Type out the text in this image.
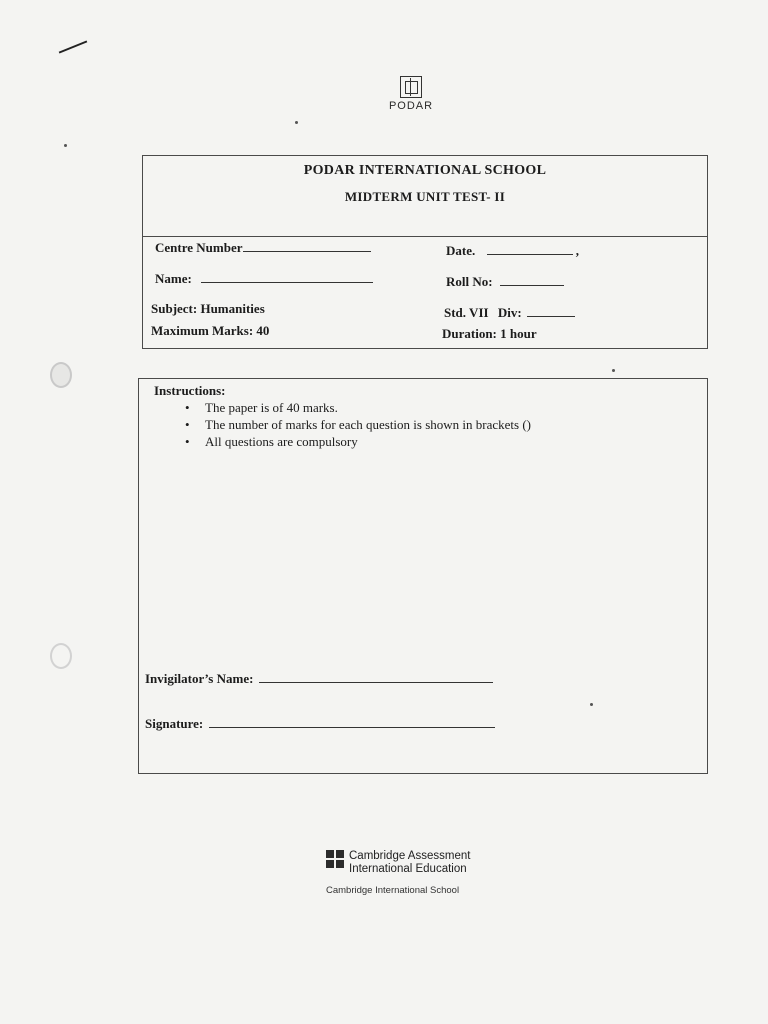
PODAR
PODAR INTERNATIONAL SCHOOL
MIDTERM UNIT TEST- II
Centre Number	Date.	,
Name:	Roll No:
Subject: Humanities	Std. VII Div:
Maximum Marks: 40	Duration: 1 hour
Instructions:
• The paper is of 40 marks.
• The number of marks for each question is shown in brackets ()
• All questions are compulsory
Invigilator’s Name:
Signature:
Cambridge Assessment
International Education
Cambridge International School
